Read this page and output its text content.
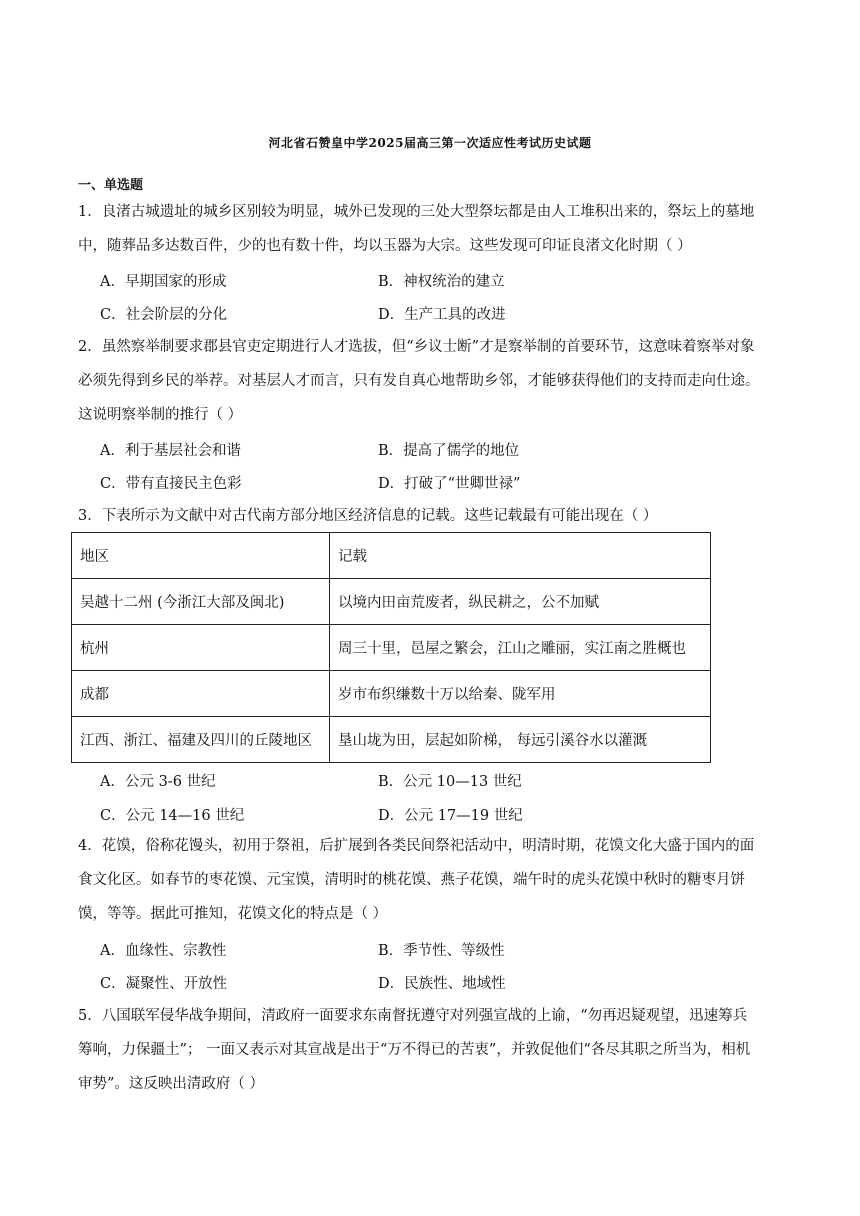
河北省石赞皇中学2025届高三第一次适应性考试历史试题
一、单选题
1．良渚古城遗址的城乡区别较为明显，城外已发现的三处大型祭坛都是由人工堆积出来的，祭坛上的墓地
中，随葬品多达数百件，少的也有数十件，均以玉器为大宗。这些发现可印证良渚文化时期（ ）
A．早期国家的形成	B．神权统治的建立
C．社会阶层的分化	D．生产工具的改进
2．虽然察举制要求郡县官吏定期进行人才选拔，但“乡议士断”才是察举制的首要环节，这意味着察举对象
必须先得到乡民的举荐。对基层人才而言，只有发自真心地帮助乡邻，才能够获得他们的支持而走向仕途。
这说明察举制的推行（ ）
A．利于基层社会和谐	B．提高了儒学的地位
C．带有直接民主色彩	D．打破了“世卿世禄”
3．下表所示为文献中对古代南方部分地区经济信息的记载。这些记载最有可能出现在（ ）
地区	记载
吴越十二州 (今浙江大部及闽北)	以境内田亩荒废者，纵民耕之，公不加赋
杭州	周三十里，邑屋之繁会，江山之雕丽，实江南之胜概也
成都	岁市布织缣数十万以给秦、陇军用
江西、浙江、福建及四川的丘陵地区	垦山垅为田，层起如阶梯， 每远引溪谷水以灌溉
A．公元 3-6 世纪	B．公元 10—13 世纪
C．公元 14—16 世纪	D．公元 17—19 世纪
4．花馍，俗称花馒头，初用于祭祖，后扩展到各类民间祭祀活动中，明清时期，花馍文化大盛于国内的面
食文化区。如春节的枣花馍、元宝馍，清明时的桃花馍、燕子花馍，端午时的虎头花馍中秋时的糖枣月饼
馍，等等。据此可推知，花馍文化的特点是（ ）
A．血缘性、宗教性	B．季节性、等级性
C．凝聚性、开放性	D．民族性、地域性
5．八国联军侵华战争期间，清政府一面要求东南督抚遵守对列强宣战的上谕，“勿再迟疑观望，迅速筹兵
筹响，力保疆土”； 一面又表示对其宣战是出于“万不得已的苦衷”，并敦促他们“各尽其职之所当为，相机
审势”。这反映出清政府（ ）
